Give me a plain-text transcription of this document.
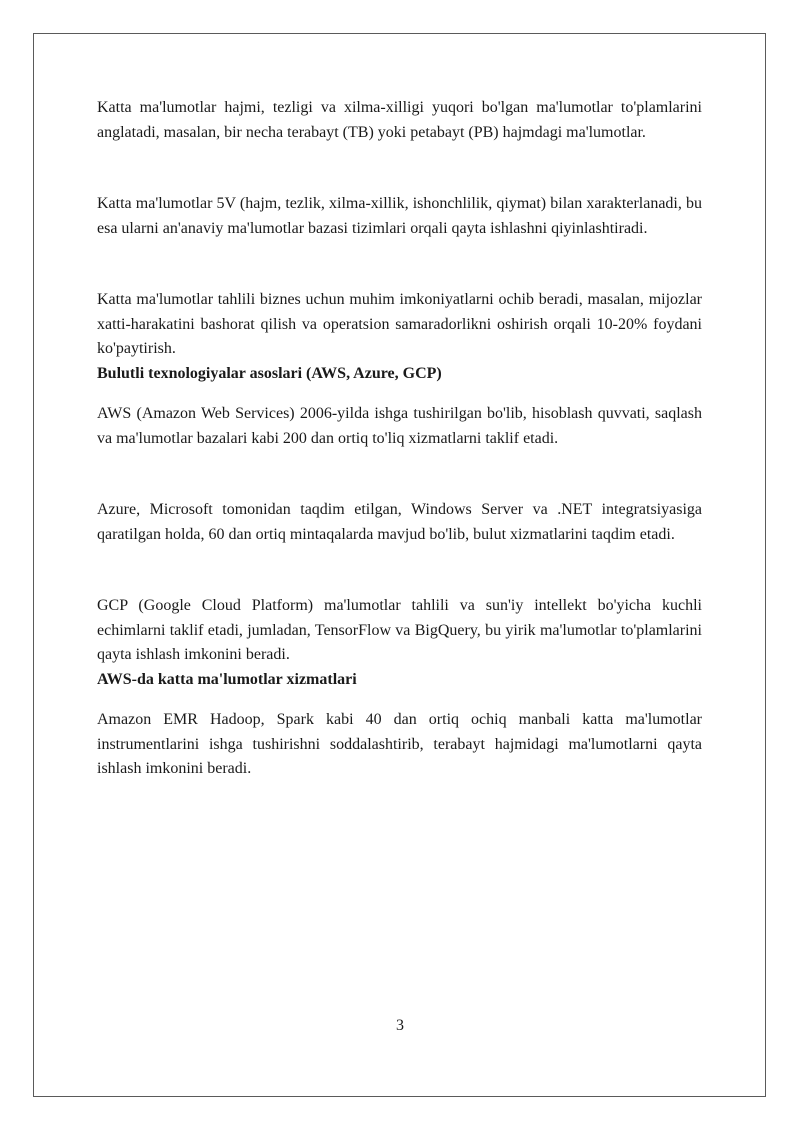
Katta ma'lumotlar hajmi, tezligi va xilma-xilligi yuqori bo'lgan ma'lumotlar to'plamlarini anglatadi, masalan, bir necha terabayt (TB) yoki petabayt (PB) hajmdagi ma'lumotlar.

Katta ma'lumotlar 5V (hajm, tezlik, xilma-xillik, ishonchlilik, qiymat) bilan xarakterlanadi, bu esa ularni an'anaviy ma'lumotlar bazasi tizimlari orqali qayta ishlashni qiyinlashtiradi.

Katta ma'lumotlar tahlili biznes uchun muhim imkoniyatlarni ochib beradi, masalan, mijozlar xatti-harakatini bashorat qilish va operatsion samaradorlikni oshirish orqali 10-20% foydani ko'paytirish.

Bulutli texnologiyalar asoslari (AWS, Azure, GCP)

AWS (Amazon Web Services) 2006-yilda ishga tushirilgan bo'lib, hisoblash quvvati, saqlash va ma'lumotlar bazalari kabi 200 dan ortiq to'liq xizmatlarni taklif etadi.

Azure, Microsoft tomonidan taqdim etilgan, Windows Server va .NET integratsiyasiga qaratilgan holda, 60 dan ortiq mintaqalarda mavjud bo'lib, bulut xizmatlarini taqdim etadi.

GCP (Google Cloud Platform) ma'lumotlar tahlili va sun'iy intellekt bo'yicha kuchli echimlarni taklif etadi, jumladan, TensorFlow va BigQuery, bu yirik ma'lumotlar to'plamlarini qayta ishlash imkonini beradi.

AWS-da katta ma'lumotlar xizmatlari

Amazon EMR Hadoop, Spark kabi 40 dan ortiq ochiq manbali katta ma'lumotlar instrumentlarini ishga tushirishni soddalashtirib, terabayt hajmidagi ma'lumotlarni qayta ishlash imkonini beradi.

3
